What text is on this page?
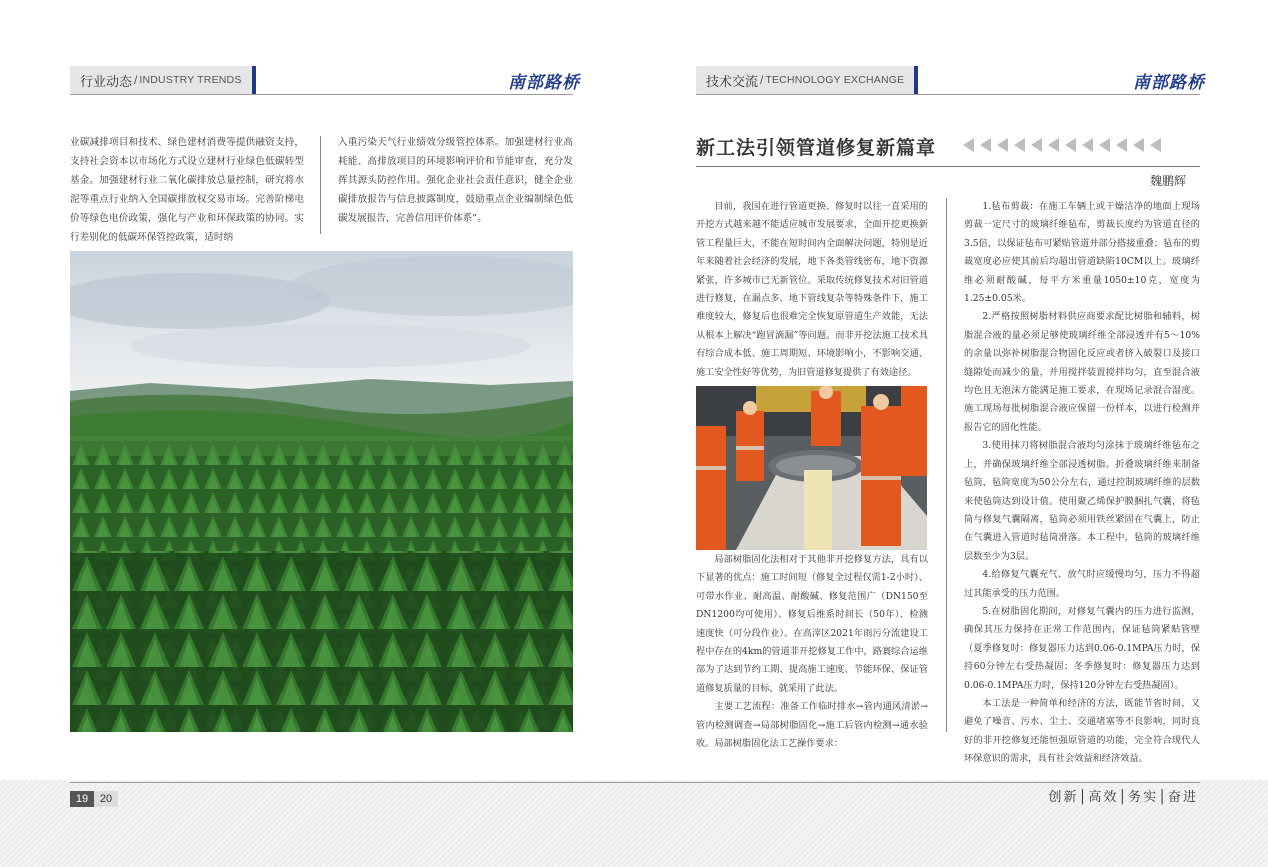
行业动态 / INDUSTRY TRENDS	南部路桥

业碳减排项目和技术、绿色建材消费等提供融资支持，支持社会资本以市场化方式设立建材行业绿色低碳转型基金。加强建材行业二氧化碳排放总量控制，研究将水泥等重点行业纳入全国碳排放权交易市场。完善阶梯电价等绿色电价政策，强化与产业和环保政策的协同。实行差别化的低碳环保管控政策，适时纳

入重污染天气行业绩效分级管控体系。加强建材行业高耗能、高排放项目的环境影响评价和节能审查，充分发挥其源头防控作用。强化企业社会责任意识，健全企业碳排放报告与信息披露制度，鼓励重点企业编制绿色低碳发展报告，完善信用评价体系”。

技术交流 / TECHNOLOGY EXCHANGE	南部路桥
新工法引领管道修复新篇章
魏鹏辉

目前，我国在进行管道更换、修复时以往一直采用的开挖方式越来越不能适应城市发展要求，全面开挖更换新管工程量巨大，不能在短时间内全面解决问题，特别是近年来随着社会经济的发展，地下各类管线密布，地下资源紧张，许多城市已无新管位。采取传统修复技术对旧管道进行修复，在漏点多、地下管线复杂等特殊条件下，施工难度较大，修复后也很难完全恢复原管道生产效能，无法从根本上解决“跑冒滴漏”等问题。而非开挖法施工技术具有综合成本低、施工周期短、环境影响小，不影响交通、施工安全性好等优势，为旧管道修复提供了有效途径。

局部树脂固化法相对于其他非开挖修复方法，具有以下显著的优点：施工时间短（修复全过程仅需1-2小时）、可带水作业、耐高温、耐酸碱、修复范围广（DN150至DN1200均可使用）、修复后维系时间长（50年）、检测速度快（可分段作业）。在高滓区2021年雨污分流建设工程中存在的4km的管道非开挖修复工作中，路寰综合运维部为了达到节约工期、提高施工速度、节能环保、保证管道修复质量的目标，就采用了此法。

主要工艺流程：准备工作临时排水→管内通风清淤→管内检测调查→局部树脂固化→施工后管内检测→通水验收。局部树脂固化法工艺操作要求：

1.毡布剪裁：在施工车辆上或干燥洁净的地面上现场剪裁一定尺寸的玻璃纤维毡布，剪裁长度约为管道直径的3.5倍，以保证毡布可紧贴管道并部分搭接重叠；毡布的剪裁宽度必应使其前后均超出管道缺陷10CM以上。玻璃纤维必须耐酸碱，每平方米重量1050±10克，宽度为1.25±0.05米。

2.严格按照树脂材料供应商要求配比树脂和辅料，树脂混合液的量必须足够使玻璃纤维全部浸透并有5～10%的余量以弥补树脂混合物固化反应或者挤入破裂口及接口缝隙处而减少的量，并用搅拌装置搅拌均匀，直至混合液均色且无泡沫方能满足施工要求，在现场记录混合湿度。施工现场每批树脂混合液应保留一份样本，以进行检测并报告它的固化性能。

3.使用抹刀将树脂混合液均匀涂抹于玻璃纤维毡布之上，并确保玻璃纤维全部浸透树脂。折叠玻璃纤维来制备毡筒，毡筒宽度为50公分左右，通过控制玻璃纤维的层数来使毡筒达到设计值。使用聚乙烯保护膜捆扎气囊，将毡筒与修复气囊隔离，毡筒必须用铁丝紧固在气囊上，防止在气囊进入管道时毡筒滑落。本工程中，毡筒的玻璃纤维层数至少为3层。

4.给修复气囊充气、放气时应缓慢均匀，压力不得超过其能承受的压力范围。

5.在树脂固化期间，对修复气囊内的压力进行监测，确保其压力保持在正常工作范围内，保证毡筒紧贴管壁（夏季修复时：修复器压力达到0.06-0.1MPA压力时，保持60分钟左右受热凝固；冬季修复时：修复器压力达到0.06-0.1MPA压力时，保持120分钟左右受热凝固）。

本工法是一种简单和经济的方法，既能节省时间，又避免了噪音、污水、尘土、交通堵塞等不良影响，同时良好的非开挖修复还能恒强原管道的功能，完全符合现代人环保意识的需求，具有社会效益和经济效益。

19	20	创新│高效│务实│奋进
